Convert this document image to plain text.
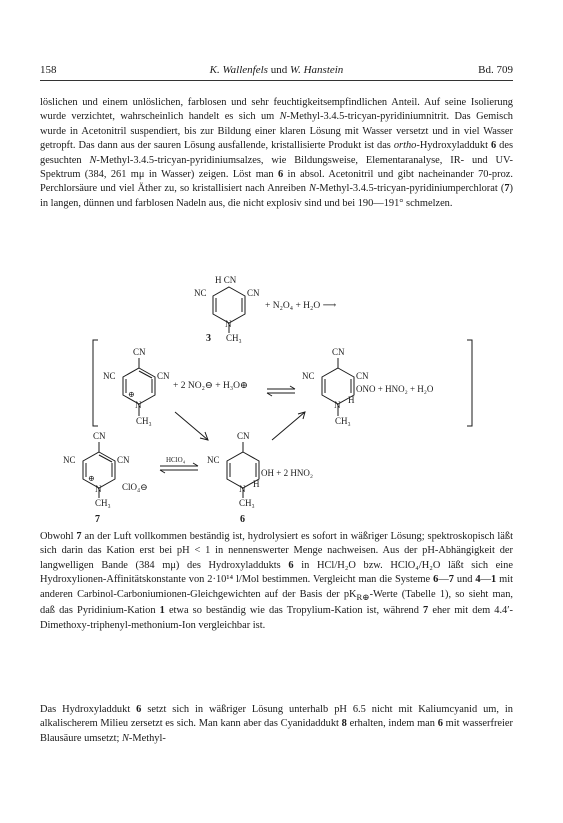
158	K. Wallenfels und W. Hanstein	Bd. 709

löslichen und einem unlöslichen, farblosen und sehr feuchtigkeitsempfindlichen Anteil. Auf seine Isolierung wurde verzichtet, wahrscheinlich handelt es sich um N-Methyl-3.4.5-tricyan-pyridiniumnitrit. Das Gemisch wurde in Acetonitril suspendiert, bis zur Bildung einer klaren Lösung mit Wasser versetzt und in viel Wasser getropft. Das dann aus der sauren Lösung ausfallende, kristallisierte Produkt ist das ortho-Hydroxyladdukt 6 des gesuchten N-Methyl-3.4.5-tricyan-pyridiniumsalzes, wie Bildungsweise, Elementaranalyse, IR- und UV-Spektrum (384, 261 mμ in Wasser) zeigen. Löst man 6 in absol. Acetonitril und gibt nacheinander 70-proz. Perchlorsäure und viel Äther zu, so kristallisiert nach Anreiben N-Methyl-3.4.5-tricyan-pyridiniumperchlorat (7) in langen, dünnen und farblosen Nadeln aus, die nicht explosiv sind und bei 190—191° schmelzen.

H CN
NC	CN
N
3 CH₃
+ N₂O₄ + H₂O ⟶
CN
NC	CN
⊕
N
CH₃
+ 2 NO₂⊖ + H₃O⊕
CN
NC	CN
ONO + HNO₂ + H₂O
H
N
CH₃
CN
NC	CN
⊕
N
CH₃
ClO₄⊖
7
HClO₄
CN
NC
OH + 2 HNO₂
H
N
CH₃
6

Obwohl 7 an der Luft vollkommen beständig ist, hydrolysiert es sofort in wäßriger Lösung; spektroskopisch läßt sich darin das Kation erst bei pH < 1 in nennenswerter Menge nachweisen. Aus der pH-Abhängigkeit der langwelligen Bande (384 mμ) des Hydroxyladdukts 6 in HCl/H₂O bzw. HClO₄/H₂O läßt sich eine Hydroxylionen-Affinitätskonstante von 2·10¹⁴ l/Mol bestimmen. Vergleicht man die Systeme 6—7 und 4—1 mit anderen Carbinol-Carboniumionen-Gleichgewichten auf der Basis der $pK_{R\oplus}$-Werte (Tabelle 1), so sieht man, daß das Pyridinium-Kation 1 etwa so beständig wie das Tropylium-Kation ist, während 7 eher mit dem 4.4′-Dimethoxy-triphenyl-methonium-Ion vergleichbar ist.

Das Hydroxyladdukt 6 setzt sich in wäßriger Lösung unterhalb pH 6.5 nicht mit Kaliumcyanid um, in alkalischerem Milieu zersetzt es sich. Man kann aber das Cyanidaddukt 8 erhalten, indem man 6 mit wasserfreier Blausäure umsetzt; N-Methyl-
